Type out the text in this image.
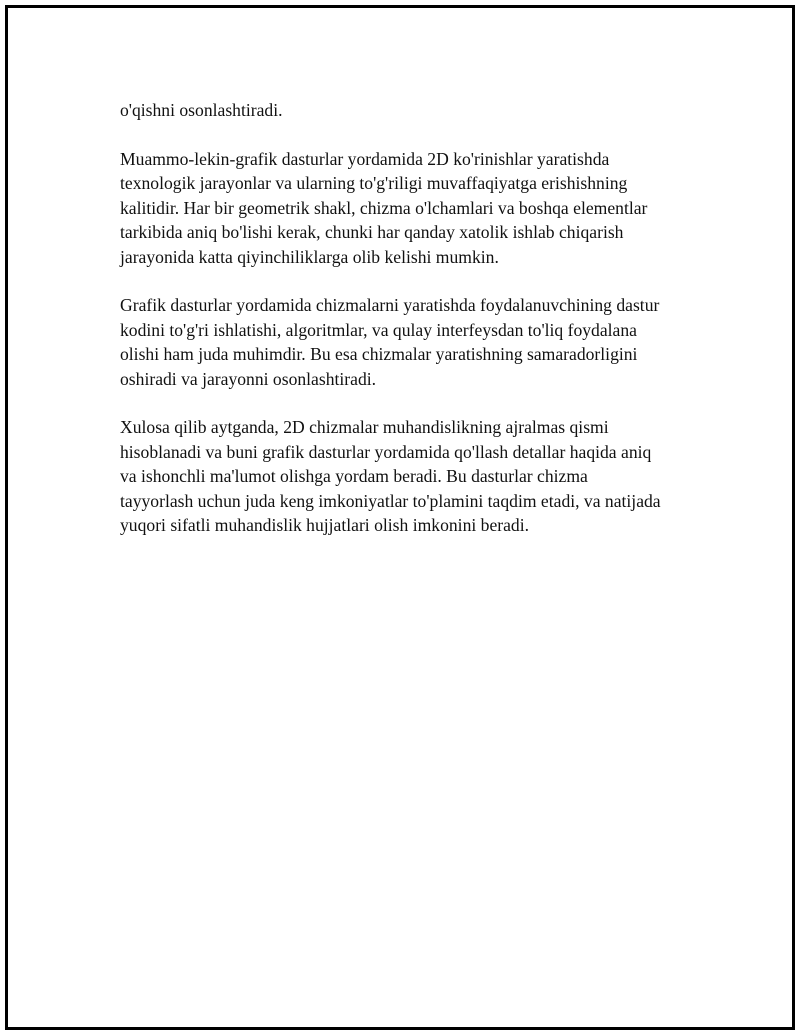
o'qishni osonlashtiradi.

Muammo-lekin-grafik dasturlar yordamida 2D ko'rinishlar yaratishda
texnologik jarayonlar va ularning to'g'riligi muvaffaqiyatga erishishning
kalitidir. Har bir geometrik shakl, chizma o'lchamlari va boshqa elementlar
tarkibida aniq bo'lishi kerak, chunki har qanday xatolik ishlab chiqarish
jarayonida katta qiyinchiliklarga olib kelishi mumkin.

Grafik dasturlar yordamida chizmalarni yaratishda foydalanuvchining dastur
kodini to'g'ri ishlatishi, algoritmlar, va qulay interfeysdan to'liq foydalana
olishi ham juda muhimdir. Bu esa chizmalar yaratishning samaradorligini
oshiradi va jarayonni osonlashtiradi.

Xulosa qilib aytganda, 2D chizmalar muhandislikning ajralmas qismi
hisoblanadi va buni grafik dasturlar yordamida qo'llash detallar haqida aniq
va ishonchli ma'lumot olishga yordam beradi. Bu dasturlar chizma
tayyorlash uchun juda keng imkoniyatlar to'plamini taqdim etadi, va natijada
yuqori sifatli muhandislik hujjatlari olish imkonini beradi.
